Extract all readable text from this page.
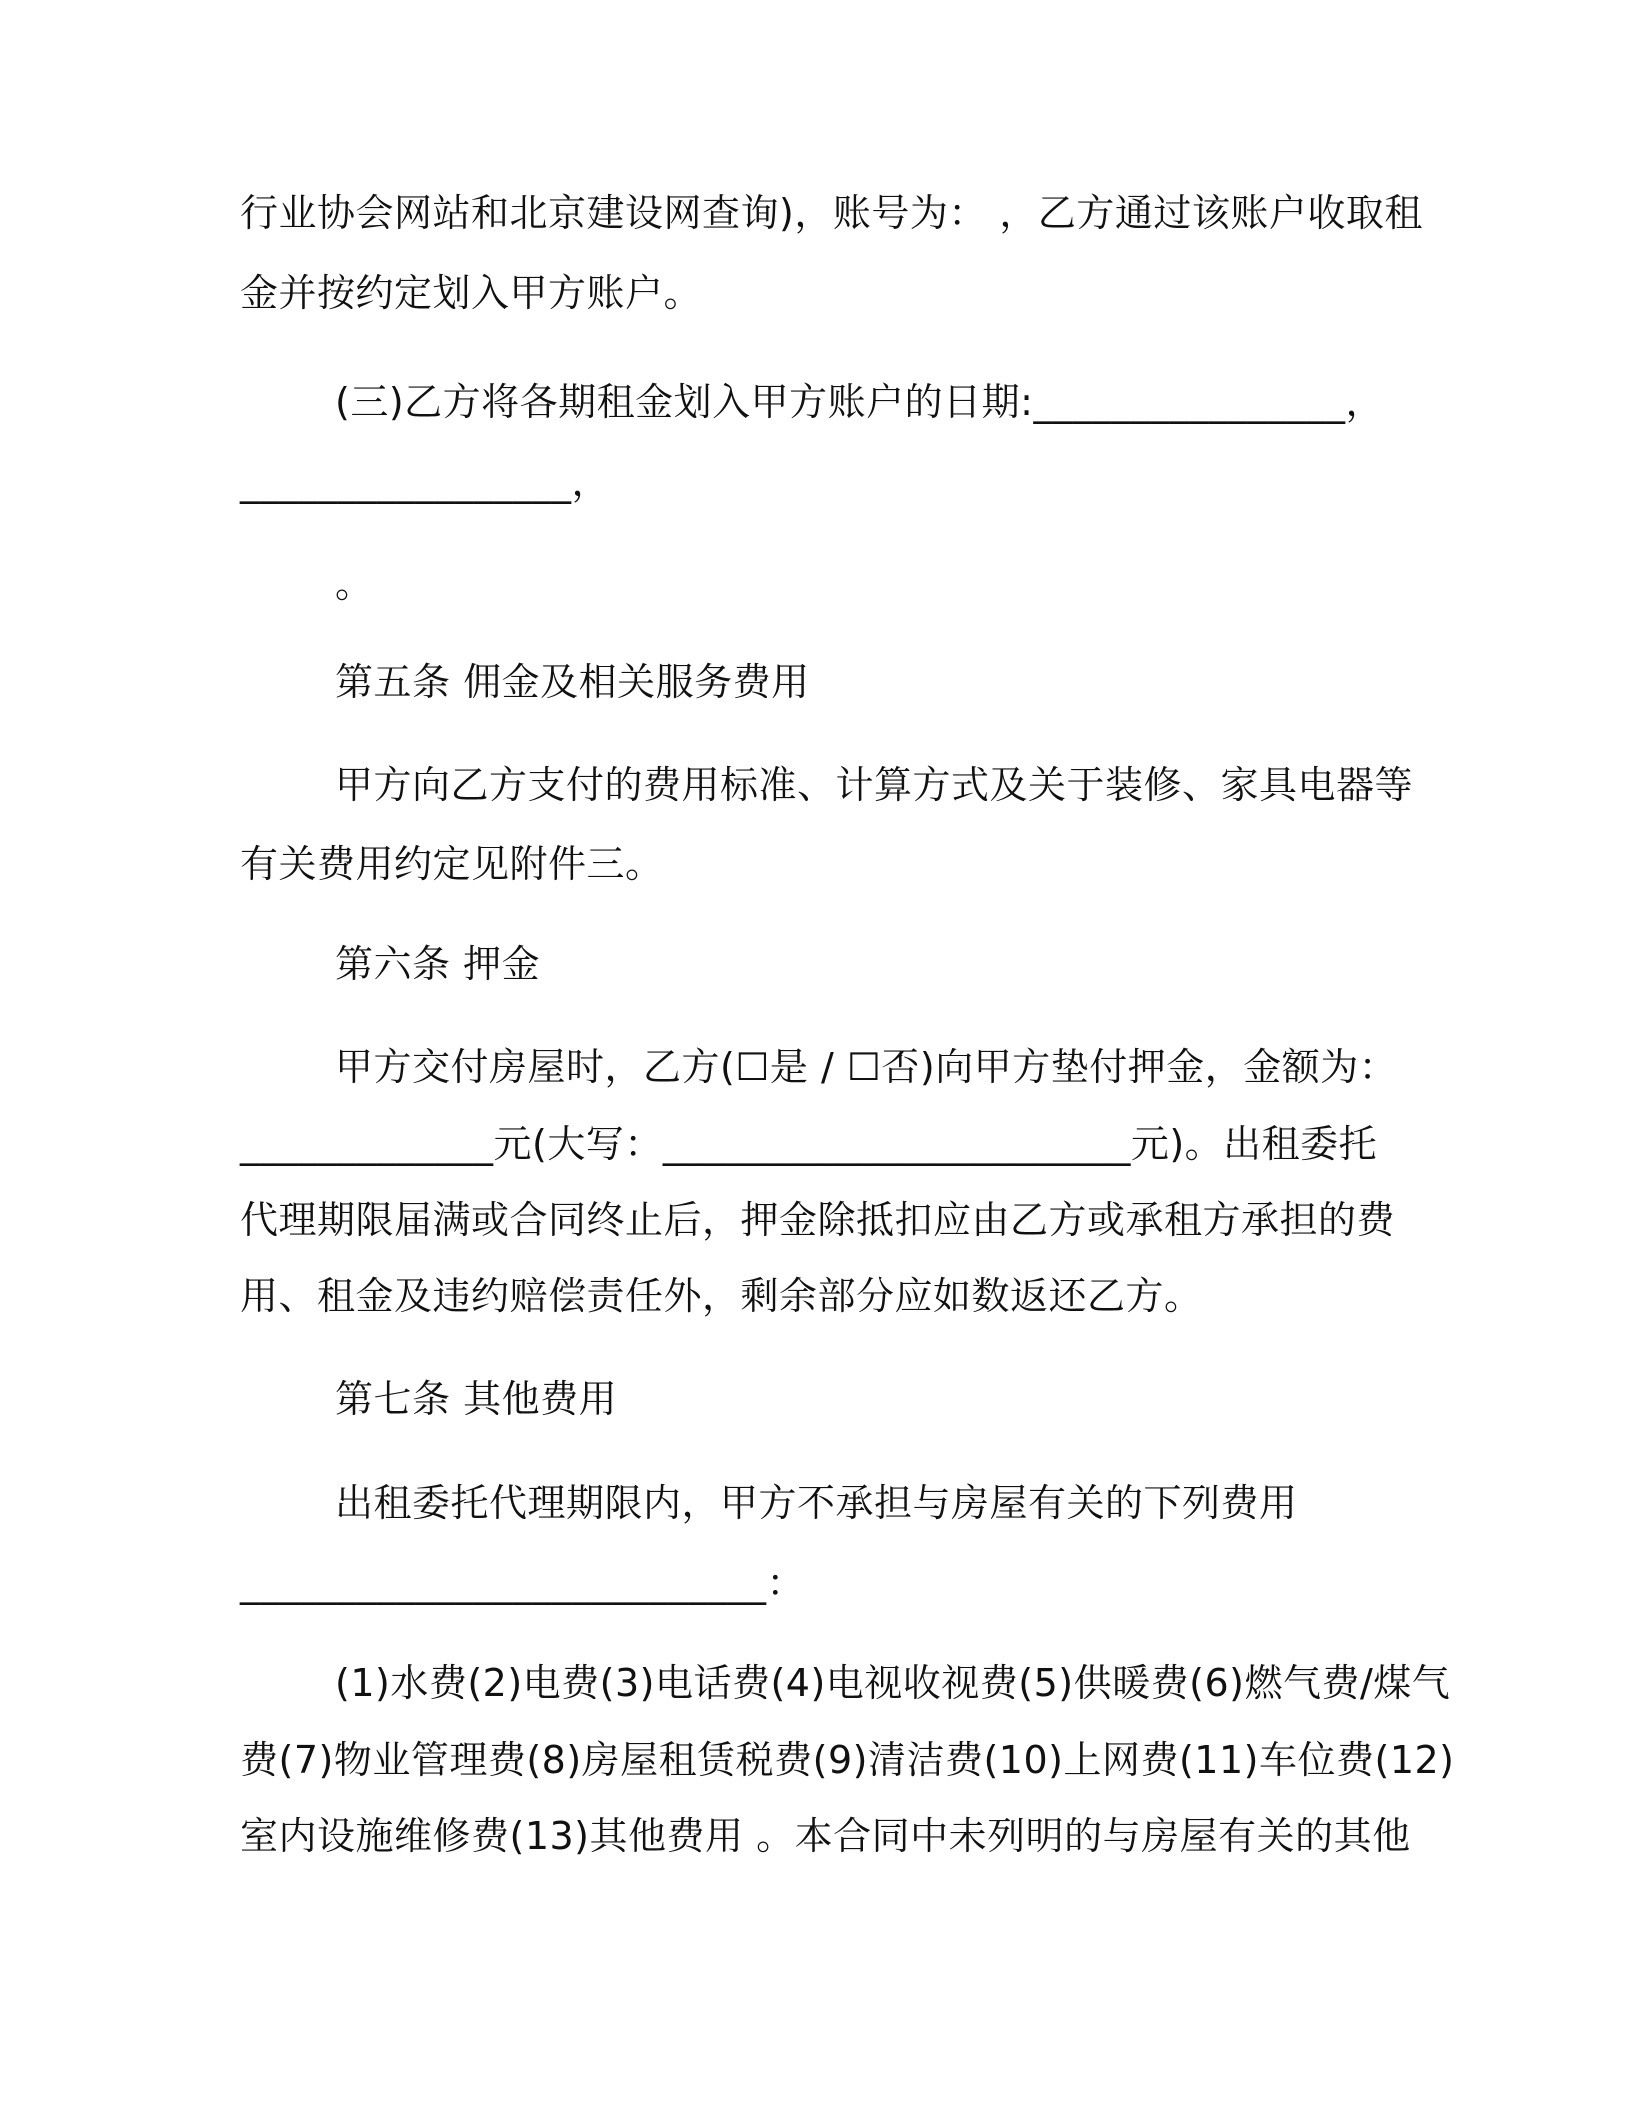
行业协会网站和北京建设网查询)，账号为： ，乙方通过该账户收取租
金并按约定划入甲方账户。
(三)乙方将各期租金划入甲方账户的日期:________________，
_________________，
。
第五条 佣金及相关服务费用
甲方向乙方支付的费用标准、计算方式及关于装修、家具电器等
有关费用约定见附件三。
第六条 押金
甲方交付房屋时，乙方(☐是 / ☐否)向甲方垫付押金，金额为：
_____________元(大写：________________________元)。出租委托
代理期限届满或合同终止后，押金除抵扣应由乙方或承租方承担的费
用、租金及违约赔偿责任外，剩余部分应如数返还乙方。
第七条 其他费用
出租委托代理期限内，甲方不承担与房屋有关的下列费用
___________________________：
(1)水费(2)电费(3)电话费(4)电视收视费(5)供暖费(6)燃气费/煤气
费(7)物业管理费(8)房屋租赁税费(9)清洁费(10)上网费(11)车位费(12)
室内设施维修费(13)其他费用 。本合同中未列明的与房屋有关的其他
